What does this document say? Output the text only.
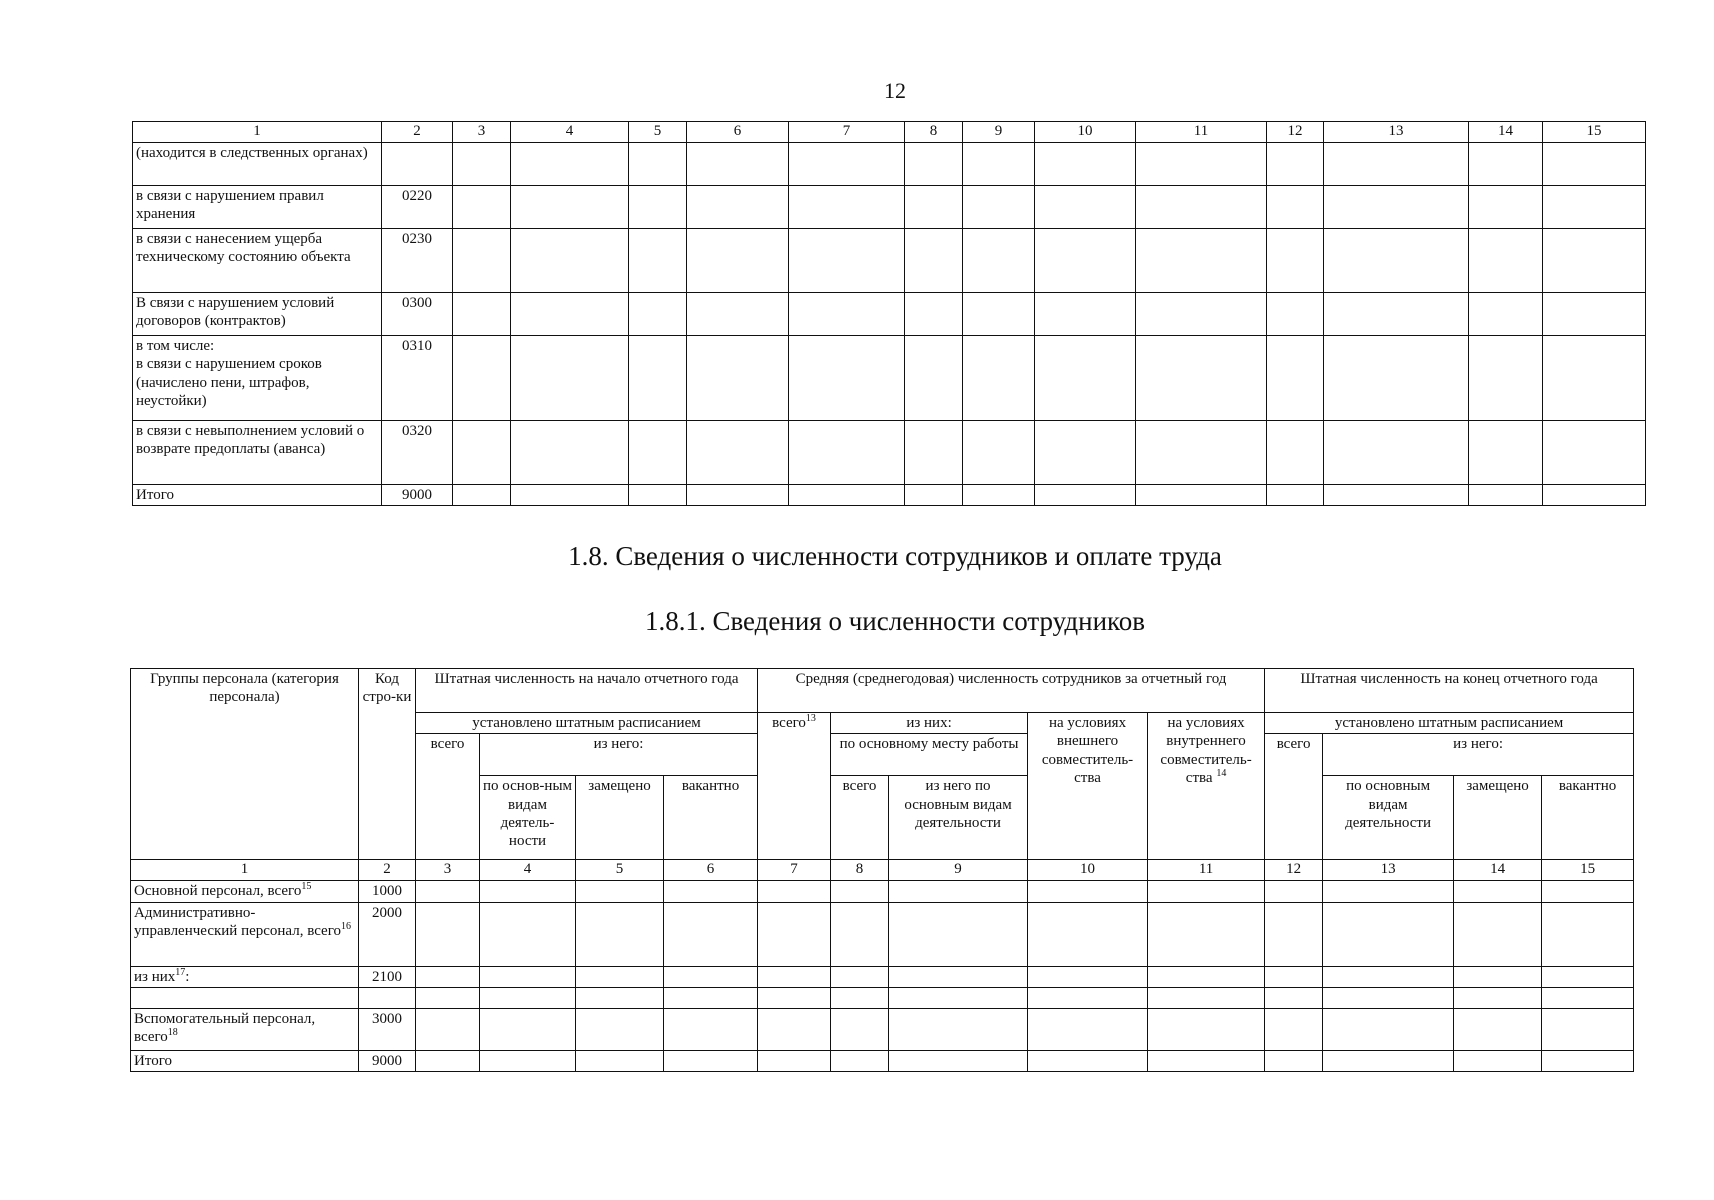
12
1	2	3	4	5	6	7	8	9	10	11	12	13	14	15
(находится в следственных органах)														
в связи с нарушением правил хранения	0220													
в связи с нанесением ущерба техническому состоянию объекта	0230													
В связи с нарушением условий договоров (контрактов)	0300													
в том числе:
в связи с нарушением сроков (начислено пени, штрафов, неустойки)	0310													
в связи с невыполнением условий о возврате предоплаты (аванса)	0320													
Итого	9000													
1.8. Сведения о численности сотрудников и оплате труда
1.8.1. Сведения о численности сотрудников
Группы персонала (категория персонала)	Код стро-ки	Штатная численность на начало отчетного года				Средняя (среднегодовая) численность сотрудников за отчетный год					Штатная численность на конец отчетного года			
		установлено штатным расписанием				всего$^{13}$	из них:		на условиях внешнего совместитель-ства	на условиях внутреннего совместитель-ства $^{14}$	установлено штатным расписанием			
		всего	из него:				по основному месту работы				всего	из него:		
			по основ-ным видам деятель-ности	замещено	вакантно		всего	из него по основным видам деятельности				по основным видам деятельности	замещено	вакантно
1	2	3	4	5	6	7	8	9	10	11	12	13	14	15
Основной персонал, всего$^{15}$	1000													
Административно-управленческий персонал, всего$^{16}$	2000													
из них$^{17}$:	2100													

Вспомогательный персонал, всего$^{18}$	3000													
Итого	9000													
